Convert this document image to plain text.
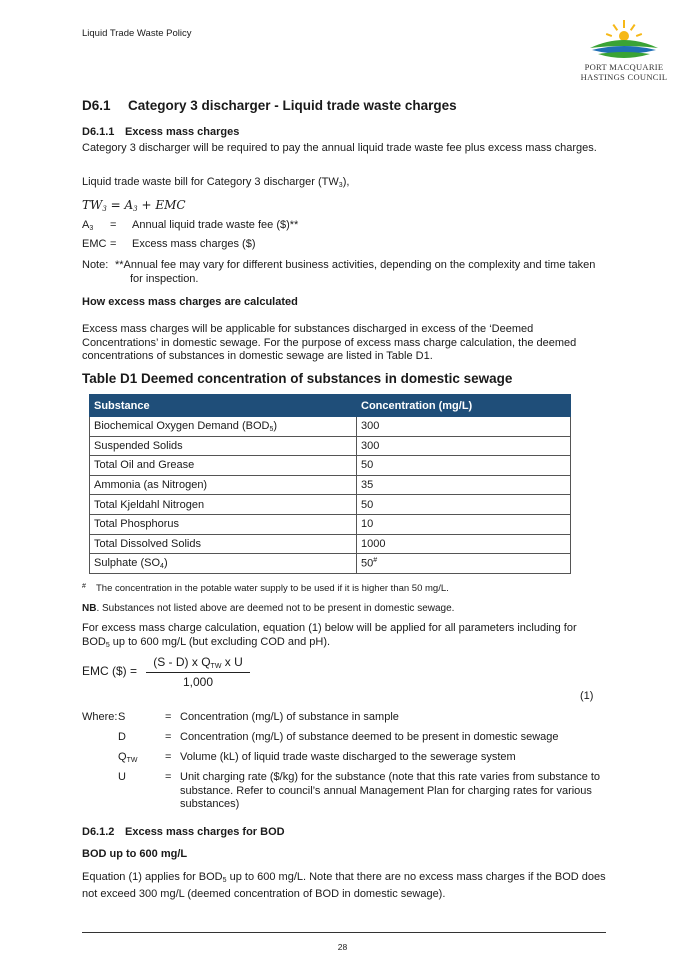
Liquid Trade Waste Policy
PORT MACQUARIE
HASTINGS COUNCIL
D6.1 Category 3 discharger - Liquid trade waste charges
D6.1.1 Excess mass charges
Category 3 discharger will be required to pay the annual liquid trade waste fee plus excess mass charges.
Liquid trade waste bill for Category 3 discharger $(TW_3)$,
$TW_3 = A_3$ + EMC
$A_3$ = Annual liquid trade waste fee ($)**
EMC = Excess mass charges ($)
Note: **Annual fee may vary for different business activities, depending on the complexity and time taken for inspection.
How excess mass charges are calculated
Excess mass charges will be applicable for substances discharged in excess of the ‘Deemed Concentrations’ in domestic sewage. For the purpose of excess mass charge calculation, the deemed concentrations of substances in domestic sewage are listed in Table D1.
Table D1 Deemed concentration of substances in domestic sewage
Substance	Concentration (mg/L)
Biochemical Oxygen Demand $(BOD_5)$	300
Suspended Solids	300
Total Oil and Grease	50
Ammonia (as Nitrogen)	35
Total Kjeldahl Nitrogen	50
Total Phosphorus	10
Total Dissolved Solids	1000
Sulphate $(SO_4)$	50#
# The concentration in the potable water supply to be used if it is higher than 50 mg/L.
NB. Substances not listed above are deemed not to be present in domestic sewage.
For excess mass charge calculation, equation (1) below will be applied for all parameters including for $BOD_5$ up to 600 mg/L (but excluding COD and pH).
EMC ($) =
(S - D) x $Q_{TW}$ x U
1,000
(1)
Where: S	= Concentration (mg/L) of substance in sample
D	= Concentration (mg/L) of substance deemed to be present in domestic sewage
$Q_{TW}$	= Volume (kL) of liquid trade waste discharged to the sewerage system
U	= Unit charging rate ($/kg) for the substance (note that this rate varies from substance to substance. Refer to council’s annual Management Plan for charging rates for various substances)
D6.1.2 Excess mass charges for BOD
BOD up to 600 mg/L
Equation (1) applies for $BOD_5$ up to 600 mg/L. Note that there are no excess mass charges if the BOD does not exceed 300 mg/L (deemed concentration of BOD in domestic sewage).
28
